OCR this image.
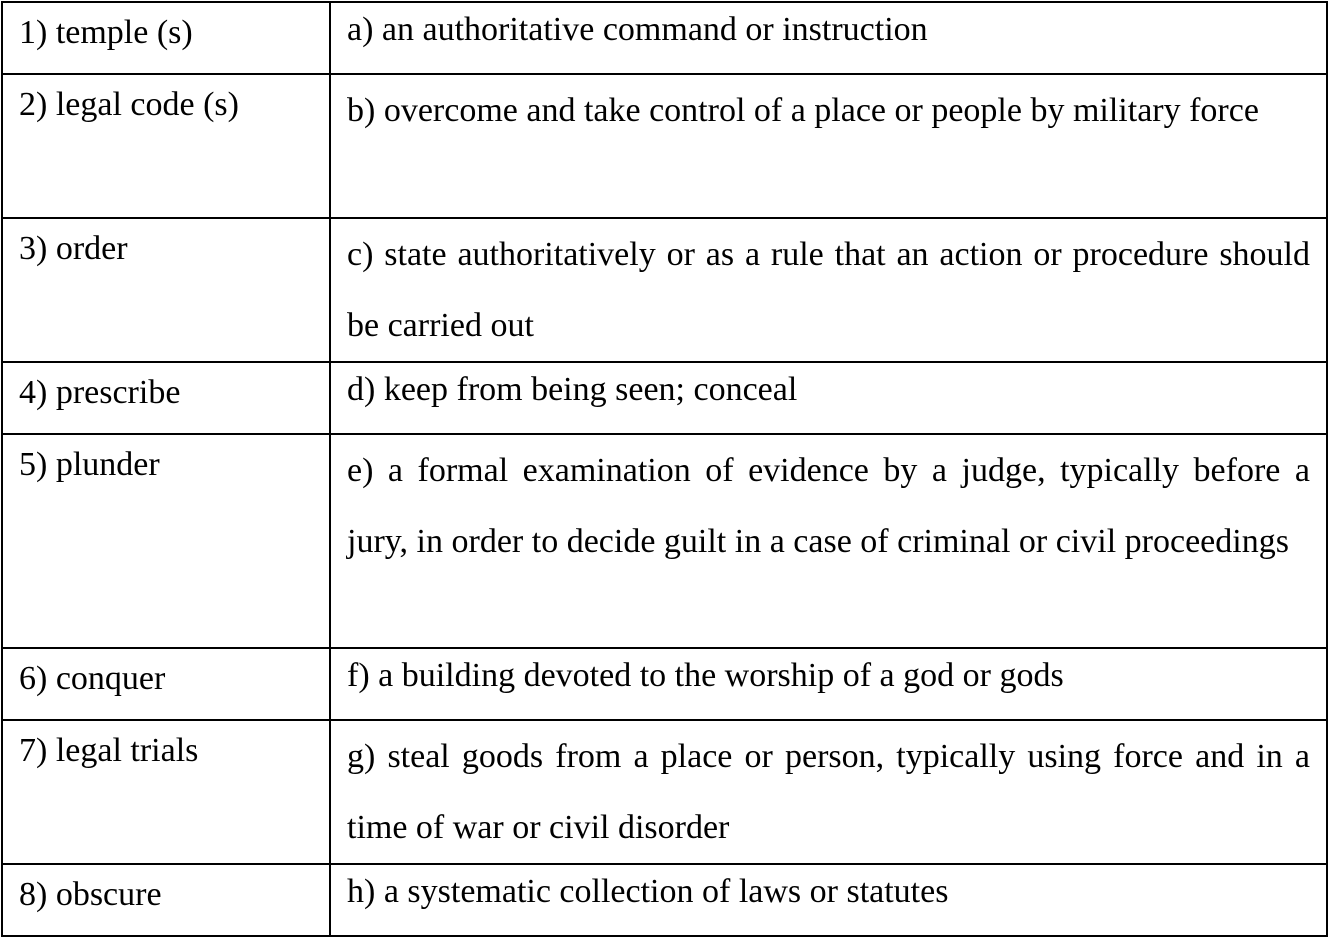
1) temple (s)	a) an authoritative command or instruction
2) legal code (s)	b) overcome and take control of a place or people by military force
3) order	c) state authoritatively or as a rule that an action or procedure should be carried out
4) prescribe	d) keep from being seen; conceal
5) plunder	e) a formal examination of evidence by a judge, typically before a jury, in order to decide guilt in a case of criminal or civil proceedings
6) conquer	f) a building devoted to the worship of a god or gods
7) legal trials	g) steal goods from a place or person, typically using force and in a time of war or civil disorder
8) obscure	h) a systematic collection of laws or statutes
